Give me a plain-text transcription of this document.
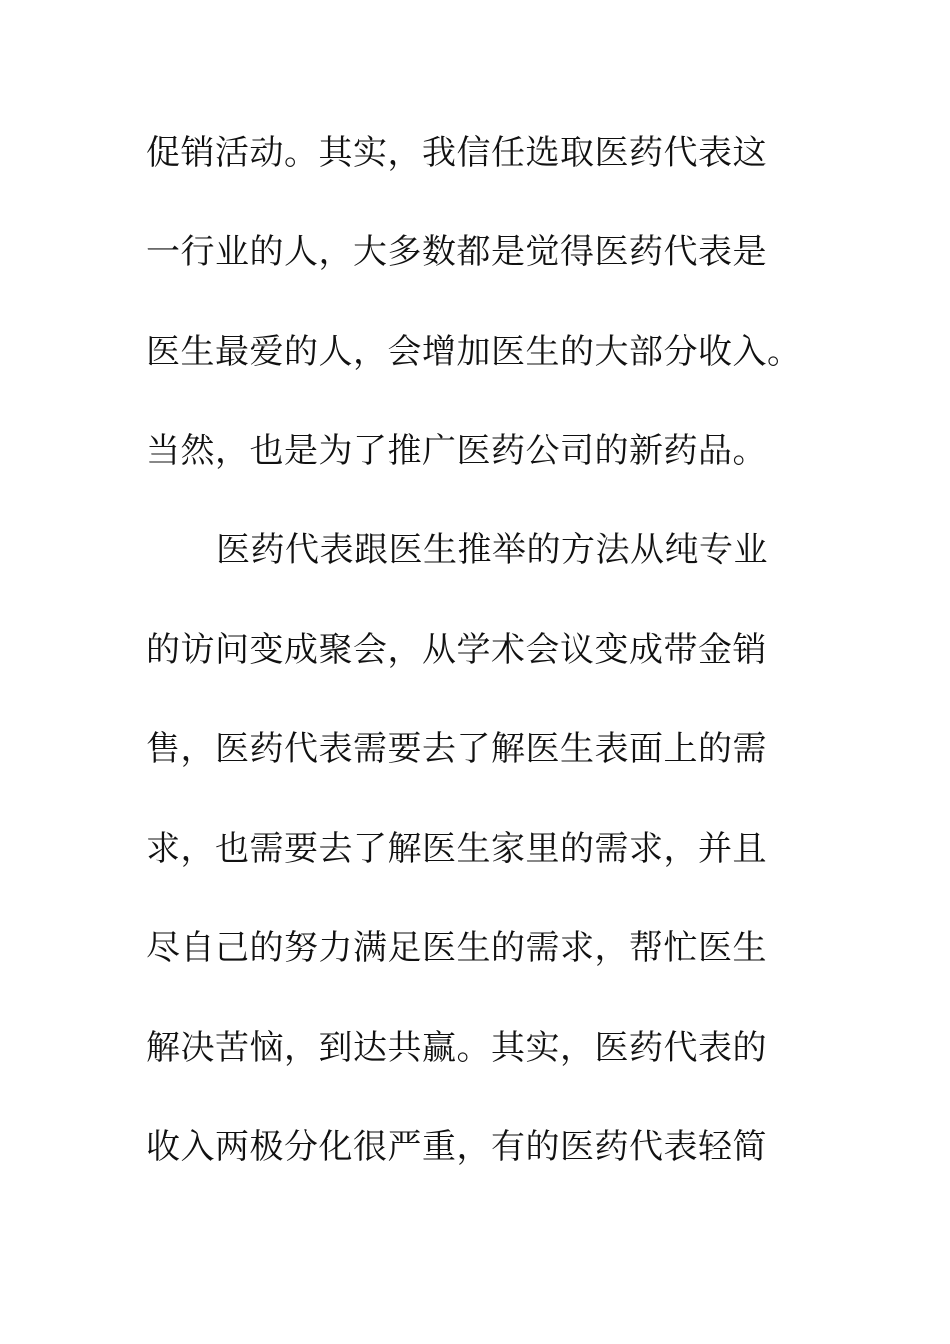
促销活动。其实，我信任选取医药代表这
一行业的人，大多数都是觉得医药代表是
医生最爱的人，会增加医生的大部分收入。
当然，也是为了推广医药公司的新药品。
医药代表跟医生推举的方法从纯专业
的访问变成聚会，从学术会议变成带金销
售，医药代表需要去了解医生表面上的需
求，也需要去了解医生家里的需求，并且
尽自己的努力满足医生的需求，帮忙医生
解决苦恼，到达共赢。其实，医药代表的
收入两极分化很严重，有的医药代表轻简
